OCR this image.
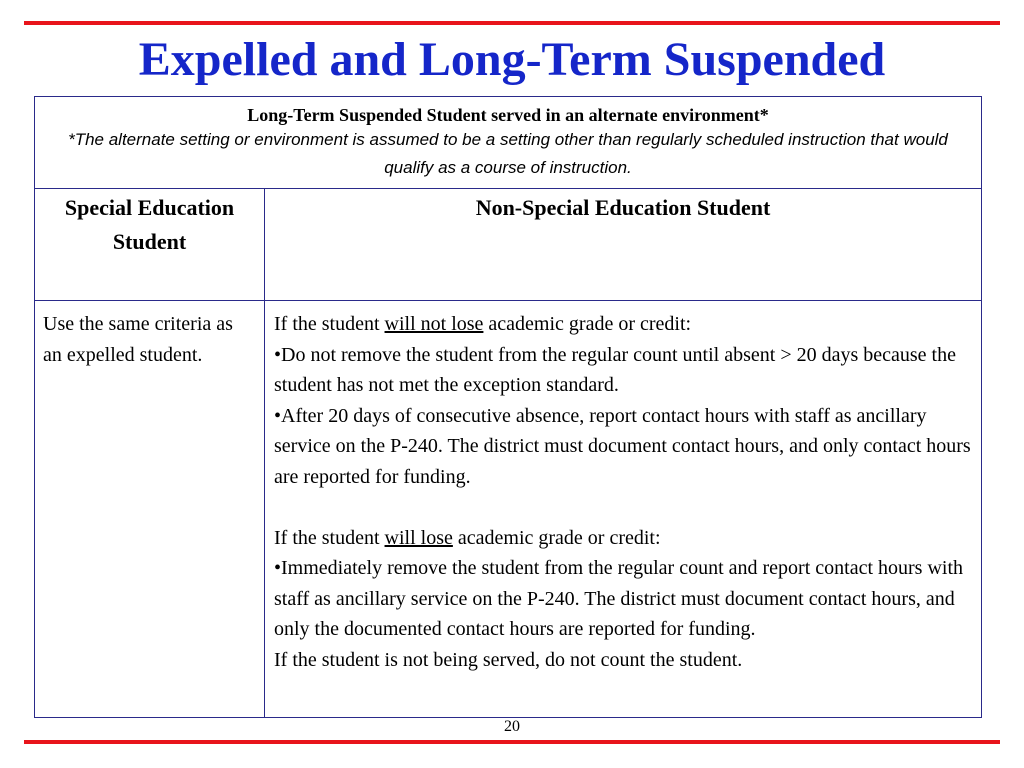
Expelled and Long-Term Suspended
Long-Term Suspended Student served in an alternate environment*
*The alternate setting or environment is assumed to be a setting other than regularly scheduled instruction that would qualify as a course of instruction.
Special Education Student
Non-Special Education Student
Use the same criteria as an expelled student.

If the student will not lose academic grade or credit:

•Do not remove the student from the regular count until absent > 20 days because the student has not met the exception standard.

•After 20 days of consecutive absence, report contact hours with staff as ancillary service on the P-240. The district must document contact hours, and only contact hours are reported for funding.

If the student will lose academic grade or credit:

•Immediately remove the student from the regular count and report contact hours with staff as ancillary service on the P-240. The district must document contact hours, and only the documented contact hours are reported for funding.

If the student is not being served, do not count the student.

20
